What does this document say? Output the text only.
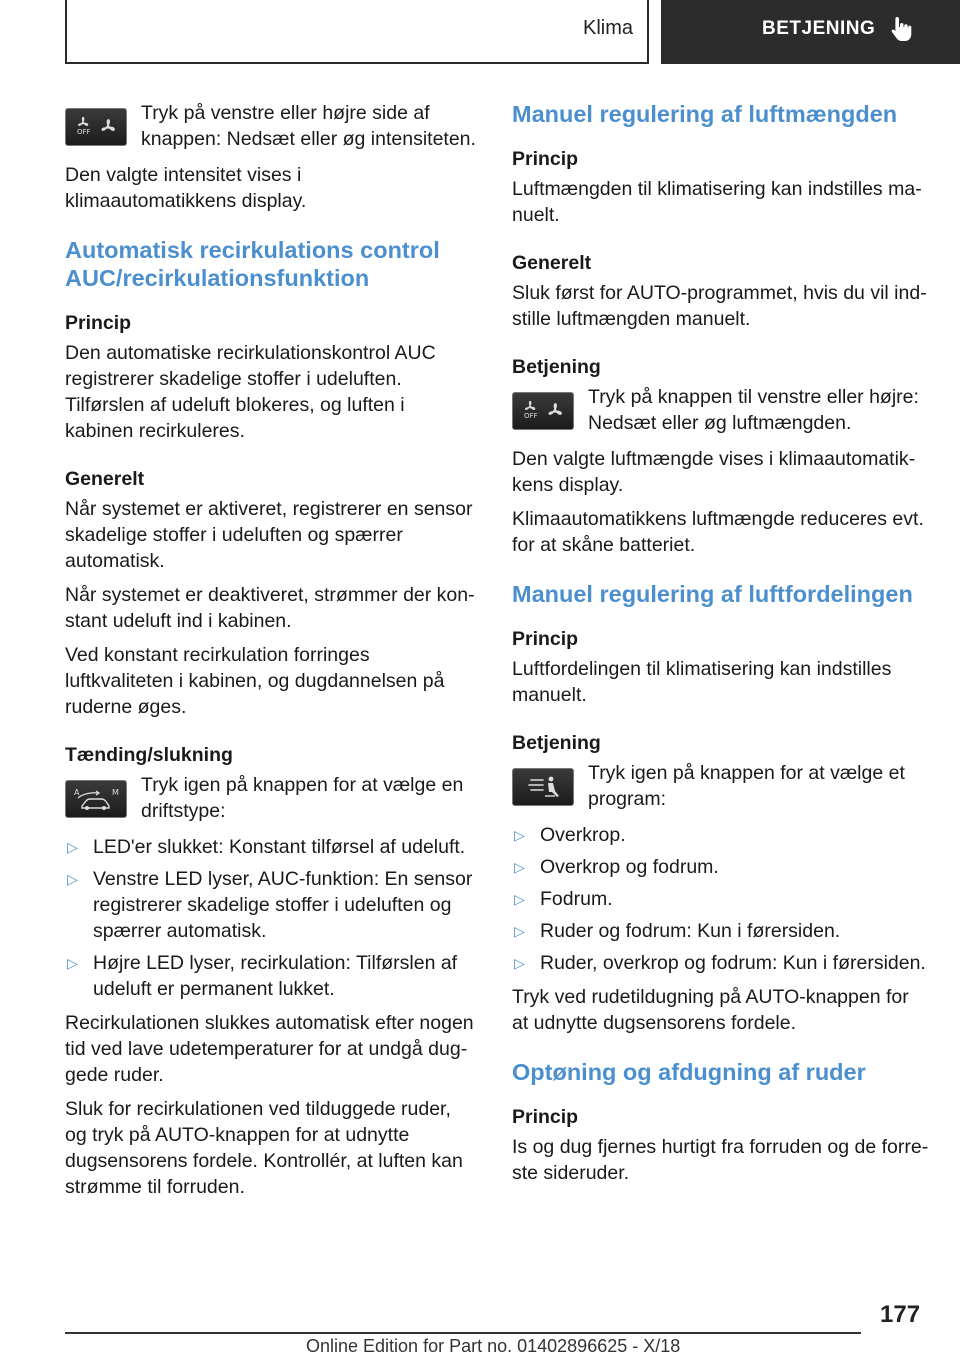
Klima	BETJENING
OFF

Tryk på venstre eller højre side af knappen: Nedsæt eller øg intensiteten.

Den valgte intensitet vises i klimaautomatikkens display.

Automatisk recirkulations control AUC/recirkulationsfunktion
Princip

Den automatiske recirkulationskontrol AUC registrerer skadelige stoffer i udeluften. Tilførslen af udeluft blokeres, og luften i kabinen recirkuleres.

Generelt

Når systemet er aktiveret, registrerer en sensor skadelige stoffer i udeluften og spærrer automatisk.

Når systemet er deaktiveret, strømmer der konstant udeluft ind i kabinen.

Ved konstant recirkulation forringes luftkvaliteten i kabinen, og dugdannelsen på ruderne øges.

Tænding/slukning
A	M Tryk igen på knappen for at vælge en driftstype:

▷ LED'er slukket: Konstant tilførsel af udeluft.
▷ Venstre LED lyser, AUC-funktion: En sensor registrerer skadelige stoffer i udeluften og spærrer automatisk.
▷ Højre LED lyser, recirkulation: Tilførslen af udeluft er permanent lukket.

Recirkulationen slukkes automatisk efter nogen tid ved lave udetemperaturer for at undgå duggede ruder.

Sluk for recirkulationen ved tilduggede ruder, og tryk på AUTO-knappen for at udnytte dugsensorens fordele. Kontrollér, at luften kan strømme til forruden.

Manuel regulering af luftmængden
Princip

Luftmængden til klimatisering kan indstilles manuelt.

Generelt

Sluk først for AUTO-programmet, hvis du vil indstille luftmængden manuelt.

Betjening
OFF

Tryk på knappen til venstre eller højre: Nedsæt eller øg luftmængden.

Den valgte luftmængde vises i klimaautomatikkens display.

Klimaautomatikkens luftmængde reduceres evt. for at skåne batteriet.

Manuel regulering af luftfordelingen
Princip

Luftfordelingen til klimatisering kan indstilles manuelt.

Betjening

Tryk igen på knappen for at vælge et program:

▷ Overkrop.
▷ Overkrop og fodrum.
▷ Fodrum.
▷ Ruder og fodrum: Kun i førersiden.
▷ Ruder, overkrop og fodrum: Kun i førersiden.

Tryk ved rudetildugning på AUTO-knappen for at udnytte dugsensorens fordele.

Optøning og afdugning af ruder
Princip

Is og dug fjernes hurtigt fra forruden og de forreste sideruder.

177
Online Edition for Part no. 01402896625 - X/18
